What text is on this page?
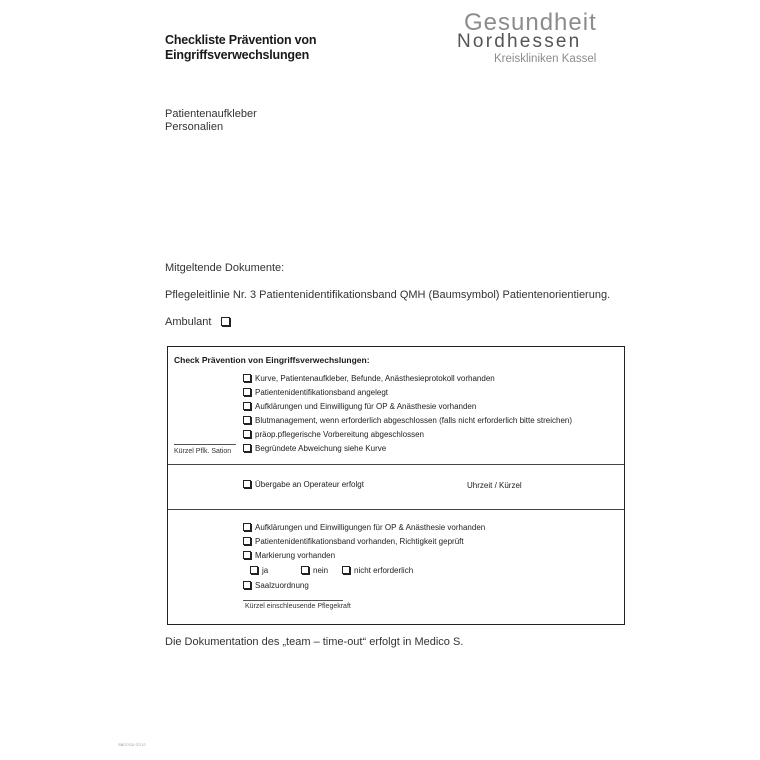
Checkliste Prävention von
Eingriffsverwechslungen
Gesundheit
Nordhessen
Kreiskliniken Kassel
Patientenaufkleber
Personalien
Mitgeltende Dokumente:
Pflegeleitlinie Nr. 3 Patientenidentifikationsband QMH (Baumsymbol) Patientenorientierung.
Ambulant
Check Prävention von Eingriffsverwechslungen:
Kurve, Patientenaufkleber, Befunde, Anästhesieprotokoll vorhanden
Patientenidentifikationsband angelegt
Aufklärungen und Einwilligung für OP & Anästhesie vorhanden
Blutmanagement, wenn erforderlich abgeschlossen (falls nicht erforderlich bitte streichen)
präop.pflegerische Vorbereitung abgeschlossen
Begründete Abweichung siehe Kurve
Kürzel Pflk. Sation
Übergabe an Operateur erfolgt	Uhrzeit / Kürzel
Aufklärungen und Einwilligungen für OP & Anästhesie vorhanden
Patientenidentifikationsband vorhanden, Richtigkeit geprüft
Markierung vorhanden
ja	nein	nicht erforderlich
Saalzuordnung
Kürzel einschleusende Pflegekraft
Die Dokumentation des „team – time-out“ erfolgt in Medico S.
SB07/13/ 07/12
